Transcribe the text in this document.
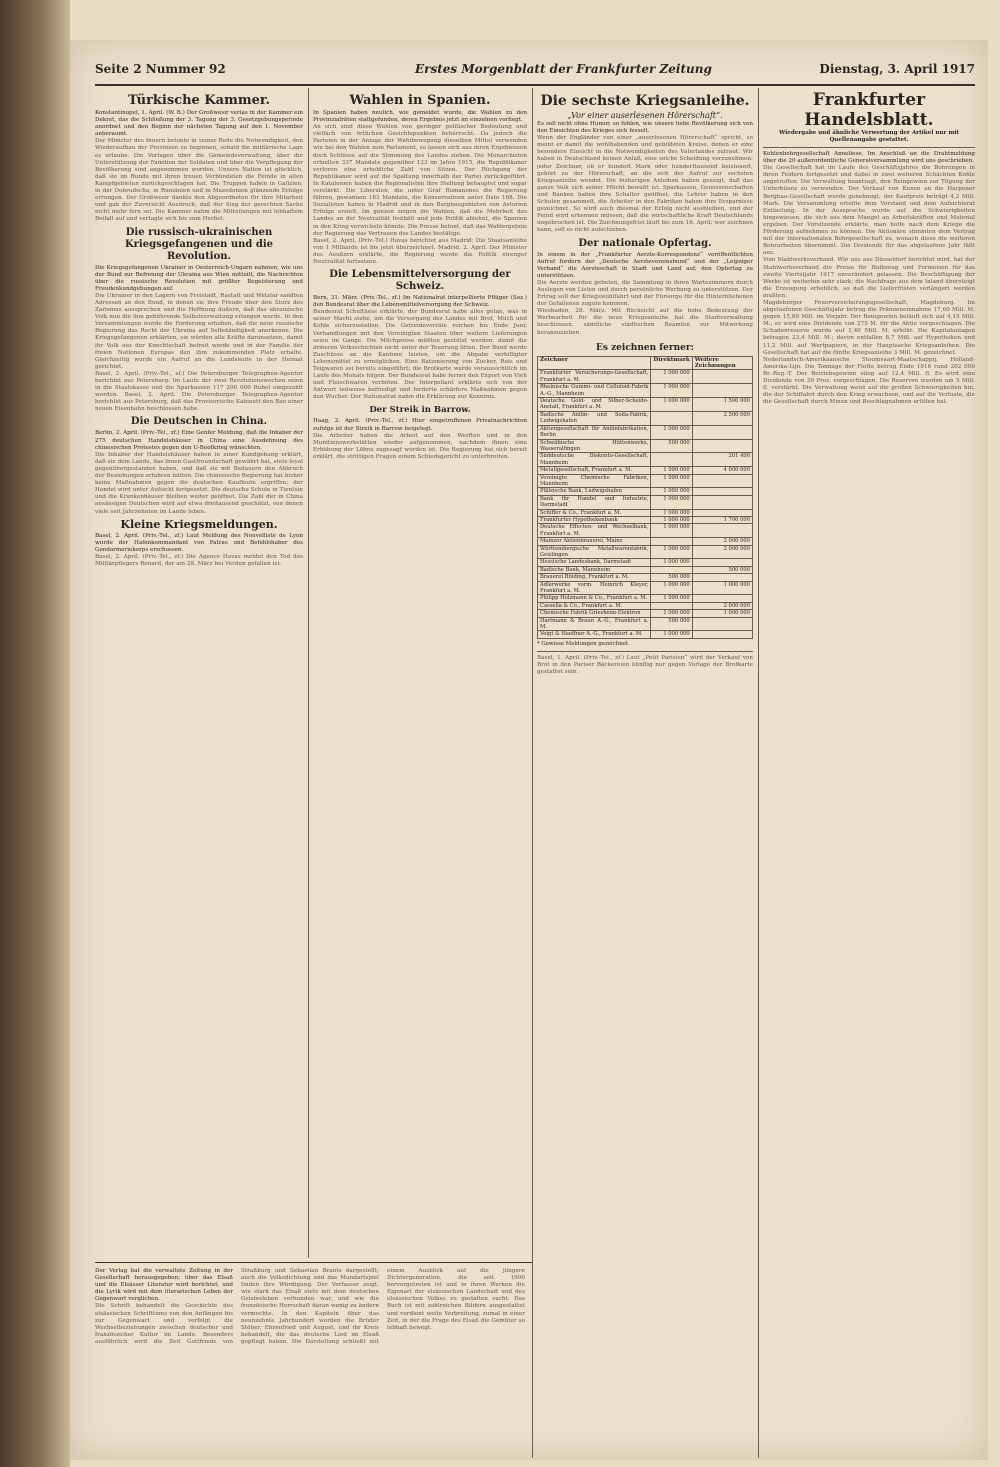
Seite 2 Nummer 92	Erstes Morgenblatt der Frankfurter Zeitung	Dienstag, 3. April 1917
Türkische Kammer.
Konstantinopel, 1. April. (W. B.) Der Großwesir verlas in der Kammer ein Dekret, das die Schließung der 3. Tagung der 3. Gesetzgebungsperiode anordnet und den Beginn der nächsten Tagung auf den 1. November anberaumt.
Der Minister des Innern betonte in seiner Rede die Notwendigkeit, den Wiederaufbau der Provinzen zu beginnen, sobald die militärische Lage es erlaube. Die Vorlagen über die Gemeindeverwaltung, über die Unterstützung der Familien der Soldaten und über die Verpflegung der Bevölkerung sind angenommen worden. Unsere Nation ist glücklich, daß sie im Bunde mit ihren treuen Verbündeten die Feinde in allen Kampfgebieten zurückgeschlagen hat. Die Truppen haben in Galizien, in der Dobrudscha, in Rumänien und in Mazedonien glänzende Erfolge errungen. Der Großwesir dankte den Abgeordneten für ihre Mitarbeit und gab der Zuversicht Ausdruck, daß der Sieg der gerechten Sache nicht mehr fern sei. Die Kammer nahm die Mitteilungen mit lebhaftem Beifall auf und vertagte sich bis zum Herbst.
Die russisch-ukrainischen Kriegsgefangenen und die Revolution.
Die Kriegsgefangenen Ukrainer in Oesterreich-Ungarn nahmen, wie uns der Bund zur Befreiung der Ukraina aus Wien mitteilt, die Nachrichten über die russische Revolution mit größter Begeisterung und Freudenkundgebungen auf.
Die Ukrainer in den Lagern von Freistadt, Rastatt und Wetzlar sandten Adressen an den Bund, in denen sie ihre Freude über den Sturz des Zarismus aussprechen und die Hoffnung äußern, daß das ukrainische Volk nun die ihm gebührende Selbstverwaltung erlangen werde. In den Versammlungen wurde die Forderung erhoben, daß die neue russische Regierung das Recht der Ukraina auf Selbständigkeit anerkenne. Die Kriegsgefangenen erklärten, sie würden alle Kräfte daransetzen, damit ihr Volk aus der Knechtschaft befreit werde und in der Familie der freien Nationen Europas den ihm zukommenden Platz erhalte. Gleichzeitig wurde ein Aufruf an die Landsleute in der Heimat gerichtet.
Basel, 2. April. (Priv.-Tel., zf.) Die Petersburger Telegraphen-Agentur berichtet aus Petersburg: Im Laufe der zwei Revolutionswochen seien in die Staatskasse und die Sparkassen 117 200 000 Rubel eingezahlt worden. Basel, 2. April. Die Petersburger Telegraphen-Agentur berichtet aus Petersburg, daß das Provisorische Kabinett den Bau einer neuen Eisenbahn beschlossen habe.
Die Deutschen in China.
Berlin, 2. April. (Priv.-Tel., zf.) Eine Genfer Meldung, daß die Inhaber der 275 deutschen Handelshäuser in China eine Ausdehnung des chinesischen Protestes gegen den U-Bootkrieg wünschten.
Die Inhaber der Handelshäuser haben in einer Kundgebung erklärt, daß sie dem Lande, das ihnen Gastfreundschaft gewährt hat, stets loyal gegenübergestanden haben, und daß sie mit Bedauern den Abbruch der Beziehungen erfahren hätten. Die chinesische Regierung hat bisher keine Maßnahmen gegen die deutschen Kaufleute ergriffen; der Handel wird unter Aufsicht fortgesetzt. Die deutsche Schule in Tientsin und die Krankenhäuser bleiben weiter geöffnet. Die Zahl der in China ansässigen Deutschen wird auf etwa dreitausend geschätzt, von denen viele seit Jahrzehnten im Lande leben.
Kleine Kriegsmeldungen.
Basel, 2. April. (Priv.-Tel., zf.) Laut Meldung des Nouvelliste de Lyon wurde der Hafenkommandant von Patras und Befehlshaber des Gendarmeriekorps erschossen.
Basel, 2. April. (Priv.-Tel., zf.) Die Agence Havas meldet den Tod des Militärpflegers Renard, der am 28. März bei Verdun gefallen ist.
Wahlen in Spanien.
In Spanien haben neulich, wie gemeldet wurde, die Wahlen zu den Provinzialräten stattgefunden, deren Ergebnis jetzt im einzelnen vorliegt.
An sich sind diese Wahlen von geringer politischer Bedeutung und vielfach von örtlichen Gesichtspunkten beherrscht. Da jedoch die Parteien in der Anlage der Wahlbewegung dieselben Mittel verwenden wie bei den Wahlen zum Parlament, so lassen sich aus ihren Ergebnissen doch Schlüsse auf die Stimmung des Landes ziehen. Die Monarchisten erhielten 337 Mandate gegenüber 123 im Jahre 1915, die Republikaner verloren eine erhebliche Zahl von Sitzen. Der Rückgang der Republikaner wird auf die Spaltung innerhalb der Partei zurückgeführt. In Katalonien haben die Regionalisten ihre Stellung behauptet und sogar verstärkt. Die Liberalen, die unter Graf Romanones die Regierung führen, gewannen 183 Mandate, die Konservativen unter Dato 168. Die Sozialisten haben in Madrid und in den Bergbaugebieten von Asturien Erfolge erzielt. Im ganzen zeigen die Wahlen, daß die Mehrheit des Landes an der Neutralität festhält und jede Politik ablehnt, die Spanien in den Krieg verwickeln könnte. Die Presse betont, daß das Wahlergebnis der Regierung das Vertrauen des Landes bestätige.
Basel, 2. April. (Priv.-Tel.) Havas berichtet aus Madrid: Die Staatsanleihe von 1 Milliarde ist bis jetzt überzeichnet. Madrid, 2. April. Der Minister des Aeußern erklärte, die Regierung werde die Politik strenger Neutralität fortsetzen.
Die Lebensmittelversorgung der Schweiz.
Bern, 31. März. (Priv.-Tel., zf.) Im Nationalrat interpellierte Pflüger (Soz.) den Bundesrat über die Lebensmittelversorgung der Schweiz.
Bundesrat Schulthess erklärte, der Bundesrat habe alles getan, was in seiner Macht stehe, um die Versorgung des Landes mit Brot, Milch und Kohle sicherzustellen. Die Getreidevorräte reichen bis Ende Juni; Verhandlungen mit den Vereinigten Staaten über weitere Lieferungen seien im Gange. Die Milchpreise müßten gestützt werden, damit die ärmeren Volksschichten nicht unter der Teuerung litten. Der Bund werde Zuschüsse an die Kantone leisten, um die Abgabe verbilligter Lebensmittel zu ermöglichen. Eine Rationierung von Zucker, Reis und Teigwaren sei bereits eingeführt; die Brotkarte werde voraussichtlich im Laufe des Monats folgen. Der Bundesrat habe ferner den Export von Vieh und Fleischwaren verboten. Der Interpellant erklärte sich von der Antwort teilweise befriedigt und forderte schärfere Maßnahmen gegen den Wucher. Der Nationalrat nahm die Erklärung zur Kenntnis.
Der Streik in Barrow.
Haag, 2. April. (Priv.-Tel., zf.) Hier eingetroffenen Privatnachrichten zufolge ist der Streik in Barrow beigelegt.
Die Arbeiter haben die Arbeit auf den Werften und in den Munitionswerkstätten wieder aufgenommen, nachdem ihnen eine Erhöhung der Löhne zugesagt worden ist. Die Regierung hat sich bereit erklärt, die strittigen Fragen einem Schiedsgericht zu unterbreiten.
Die sechste Kriegsanleihe.
„Vor einer auserlesenen Hörerschaft“.
Es soll nicht ohne Humor, so fehlen, wie unsere liebe Bevölkerung sich von den Einsichten des Krieges sich fesselt.
Wenn der Engländer von einer „auserlesenen Hörerschaft“ spricht, so meint er damit die wohlhabenden und gebildeten Kreise, denen er eine besondere Einsicht in die Notwendigkeiten des Vaterlandes zutraut. Wir haben in Deutschland keinen Anlaß, eine solche Scheidung vorzunehmen: jeder Zeichner, ob er hundert Mark oder hunderttausend beisteuert, gehört zu der Hörerschaft, an die sich der Aufruf zur sechsten Kriegsanleihe wendet. Die bisherigen Anleihen haben gezeigt, daß das ganze Volk sich seiner Pflicht bewußt ist. Sparkassen, Genossenschaften und Banken haben ihre Schalter geöffnet, die Lehrer haben in den Schulen gesammelt, die Arbeiter in den Fabriken haben ihre Ersparnisse gezeichnet. So wird auch diesmal der Erfolg nicht ausbleiben, und der Feind wird erkennen müssen, daß die wirtschaftliche Kraft Deutschlands ungebrochen ist. Die Zeichnungsfrist läuft bis zum 16. April; wer zeichnen kann, soll es nicht aufschieben.
Der nationale Opfertag.
In einem in der „Frankfurter Aerzte-Korrespondenz“ veröffentlichten Aufruf fordern der „Deutsche Aerztevereinsbund“ und der „Leipziger Verband“ die Aerzteschaft in Stadt und Land auf, den Opfertag zu unterstützen.
Die Aerzte werden gebeten, die Sammlung in ihren Wartezimmern durch Auslegen von Listen und durch persönliche Werbung zu unterstützen. Der Ertrag soll der Kriegswohlfahrt und der Fürsorge für die Hinterbliebenen der Gefallenen zugute kommen.
Wiesbaden, 28. März. Mit Rücksicht auf die hohe Bedeutung der Werbearbeit für die neue Kriegsanleihe hat die Stadtverwaltung beschlossen, sämtliche städtischen Beamten zur Mitwirkung heranzuziehen.
Es zeichnen ferner:
Zeichner	Direktmark	Weitere Zeichnungen
Frankfurter Versicherungs-Gesellschaft, Frankfurt a. M.	1 000 000	
Rheinische Gummi- und Celluloid-Fabrik A.-G., Mannheim	1 000 000	
Deutsche Gold- und Silber-Scheide-Anstalt, Frankfurt a. M.	1 000 000	1 500 000
Badische Anilin- und Soda-Fabrik, Ludwigshafen		2 500 000
Aktiengesellschaft für Anilinfabrikation, Berlin	1 000 000	
Schwäbische Hüttenwerke, Wasseralfingen	500 000	
Süddeutsche Diskonto-Gesellschaft, Mannheim		201 400
Metallgesellschaft, Frankfurt a. M.	1 000 000	4 000 000
Vereinigte Chemische Fabriken, Mannheim	1 000 000	
Pfälzische Bank, Ludwigshafen	1 000 000	
Bank für Handel und Industrie, Darmstadt	1 000 000	
Schiffer & Co., Frankfurt a. M.	1 000 000	
Frankfurter Hypothekenbank	1 000 000	1 700 000
Deutsche Effecten- und Wechselbank, Frankfurt a. M.	1 000 000	
Mainzer Aktienbrauerei, Mainz		2 000 000
Württembergische Metallwarenfabrik, Geislingen	1 000 000	2 000 000
Hessische Landesbank, Darmstadt	1 000 000	
Badische Bank, Mannheim		500 000
Brauerei Binding, Frankfurt a. M.	500 000	
Adlerwerke vorm. Heinrich Kleyer, Frankfurt a. M.	1 000 000	1 000 000
Philipp Holzmann & Co., Frankfurt a. M.	1 000 000	
Cassella & Co., Frankfurt a. M.		2 000 000
Chemische Fabrik Griesheim-Elektron	1 000 000	1 000 000
Hartmann & Braun A.-G., Frankfurt a. M.	500 000	
Voigt & Haeffner A.-G., Frankfurt a. M.	1 000 000	
* Gewisse Meldungen gezeichnet.
Basel, 1. April. (Priv.-Tel., zf.) Laut „Petit Parisien“ wird der Verkauf von Brot in den Pariser Bäckereien künftig nur gegen Vorlage der Brotkarte gestattet sein.
Frankfurter Handelsblatt.
Wiedergabe und ähnliche Verwertung der Artikel nur mit Quellenangabe gestattet.
Kohlenbohrgesellschaft Anneliese. Im Anschluß an die Drahtmeldung über die 20 außerordentliche Generalversammlung wird uns geschrieben.
Die Gesellschaft hat im Laufe des Geschäftsjahres die Bohrungen in ihren Feldern fortgesetzt und dabei in zwei weiteren Schächten Kohle angetroffen. Die Verwaltung beantragt, den Reingewinn zur Tilgung der Unterbilanz zu verwenden. Der Verkauf von Kuxen an die Harpener Bergbau-Gesellschaft wurde genehmigt; der Kaufpreis beträgt 4,2 Mill. Mark. Die Versammlung erteilte dem Vorstand und dem Aufsichtsrat Entlastung. In der Aussprache wurde auf die Schwierigkeiten hingewiesen, die sich aus dem Mangel an Arbeitskräften und Material ergeben. Der Vorsitzende erklärte, man hoffe nach dem Kriege die Förderung aufnehmen zu können. Die Aktionäre stimmten dem Vertrag mit der Internationalen Bohrgesellschaft zu, wonach diese die weiteren Bohrarbeiten übernimmt. Die Dividende für das abgelaufene Jahr fällt aus.
Vom Stahlwerksverband. Wie uns aus Düsseldorf berichtet wird, hat der Stahlwerksverband die Preise für Halbzeug und Formeisen für das zweite Vierteljahr 1917 unverändert gelassen. Die Beschäftigung der Werke ist weiterhin sehr stark; die Nachfrage aus dem Inland übersteigt die Erzeugung erheblich, so daß die Lieferfristen verlängert werden mußten.
Magdeburger Feuerversicherungsgesellschaft, Magdeburg. Im abgelaufenen Geschäftsjahr betrug die Prämieneinnahme 17,60 Mill. M. gegen 15,80 Mill. im Vorjahr. Der Reingewinn beläuft sich auf 4,15 Mill. M.; es wird eine Dividende von 275 M. für die Aktie vorgeschlagen. Die Schadenreserve wurde auf 1,40 Mill. M. erhöht. Die Kapitalanlagen betragen 23,4 Mill. M.; davon entfallen 8,7 Mill. auf Hypotheken und 11,2 Mill. auf Wertpapiere, in der Hauptsache Kriegsanleihen. Die Gesellschaft hat auf die fünfte Kriegsanleihe 3 Mill. M. gezeichnet.
Nederlandsch-Amerikaansche Stoomvaart-Maatschappij, Holland-Amerika-Lijn. Die Tonnage der Flotte betrug Ende 1916 rund 202 000 Br.-Reg.-T. Der Betriebsgewinn stieg auf 12,4 Mill. fl. Es wird eine Dividende von 30 Proz. vorgeschlagen. Die Reserven wurden um 5 Mill. fl. verstärkt. Die Verwaltung weist auf die großen Schwierigkeiten hin, die der Schiffahrt durch den Krieg erwachsen, und auf die Verluste, die die Gesellschaft durch Minen und Beschlagnahmen erlitten hat.
Der Verlag hat die verwaltete Zeitung in der Gesellschaft herausgegeben; über das Elsaß und die Elsässer Literatur wird berichtet, und die Lyrik wird mit dem literarischen Leben der Gegenwart verglichen.
Die Schrift behandelt die Geschichte des elsässischen Schrifttums von den Anfängen bis zur Gegenwart und verfolgt die Wechselbeziehungen zwischen deutscher und französischer Kultur im Lande. Besonders ausführlich wird die Zeit Gottfrieds von Straßburg und Sebastian Brants dargestellt; auch die Volksdichtung und das Mundartspiel finden ihre Würdigung. Der Verfasser zeigt, wie stark das Elsaß stets mit dem deutschen Geistesleben verbunden war, und wie die französische Herrschaft daran wenig zu ändern vermochte. In den Kapiteln über das neunzehnte Jahrhundert werden die Brüder Stöber, Ehrenfried und August, und ihr Kreis behandelt, die das deutsche Lied im Elsaß gepflegt haben. Die Darstellung schließt mit einem Ausblick auf die jüngere Dichtergeneration, die seit 1900 hervorgetreten ist und in ihren Werken die Eigenart der elsässischen Landschaft und des elsässischen Volkes zu gestalten sucht. Das Buch ist mit zahlreichen Bildern ausgestattet und verdient weite Verbreitung, zumal in einer Zeit, in der die Frage des Elsaß die Gemüter so lebhaft bewegt.
